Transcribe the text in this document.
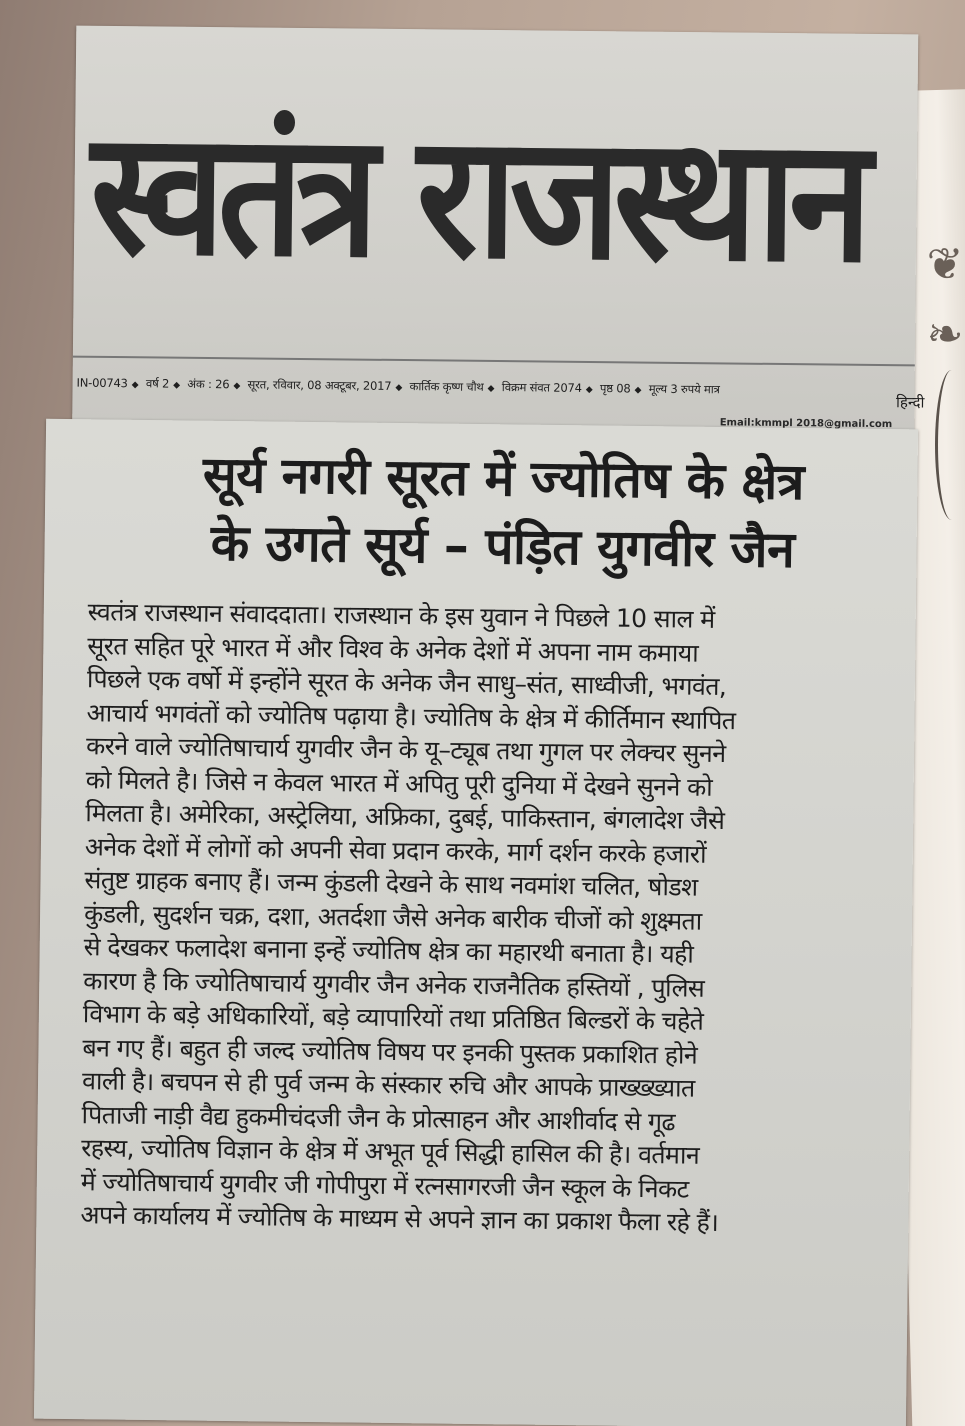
❦
❧
स्वतंत्र राजस्थान
IN-00743 ◆ वर्ष 2 ◆ अंक : 26 ◆ सूरत, रविवार, 08 अक्टूबर, 2017 ◆ कार्तिक कृष्ण चौथ ◆ विक्रम संवत 2074 ◆ पृष्ठ 08 ◆ मूल्य 3 रुपये मात्र
हिन्दी
Email:kmmpl 2018@gmail.com
सूर्य नगरी सूरत में ज्योतिष के क्षेत्र
के उगते सूर्य – पंड़ित युगवीर जैन
स्वतंत्र राजस्थान संवाददाता। राजस्थान के इस युवान ने पिछले 10 साल में
सूरत सहित पूरे भारत में और विश्व के अनेक देशों में अपना नाम कमाया
पिछले एक वर्षो में इन्होंने सूरत के अनेक जैन साधु–संत, साध्वीजी, भगवंत,
आचार्य भगवंतों को ज्योतिष पढ़ाया है। ज्योतिष के क्षेत्र में कीर्तिमान स्थापित
करने वाले ज्योतिषाचार्य युगवीर जैन के यू–ट्यूब तथा गुगल पर लेक्चर सुनने
को मिलते है। जिसे न केवल भारत में अपितु पूरी दुनिया में देखने सुनने को
मिलता है। अमेरिका, अस्ट्रेलिया, अफ्रिका, दुबई, पाकिस्तान, बंगलादेश जैसे
अनेक देशों में लोगों को अपनी सेवा प्रदान करके, मार्ग दर्शन करके हजारों
संतुष्ट ग्राहक बनाए हैं। जन्म कुंडली देखने के साथ नवमांश चलित, षोडश
कुंडली, सुदर्शन चक्र, दशा, अतर्दशा जैसे अनेक बारीक चीजों को शुक्ष्मता
से देखकर फलादेश बनाना इन्हें ज्योतिष क्षेत्र का महारथी बनाता है। यही
कारण है कि ज्योतिषाचार्य युगवीर जैन अनेक राजनैतिक हस्तियों , पुलिस
विभाग के बड़े अधिकारियों, बड़े व्यापारियों तथा प्रतिष्ठित बिल्डरों के चहेते
बन गए हैं। बहुत ही जल्द ज्योतिष विषय पर इनकी पुस्तक प्रकाशित होने
वाली है। बचपन से ही पुर्व जन्म के संस्कार रुचि और आपके प्राख्ख्ख्यात
पिताजी नाड़ी वैद्य हुकमीचंदजी जैन के प्रोत्साहन और आशीर्वाद से गूढ
रहस्य, ज्योतिष विज्ञान के क्षेत्र में अभूत पूर्व सिद्धी हासिल की है। वर्तमान
में ज्योतिषाचार्य युगवीर जी गोपीपुरा में रत्नसागरजी जैन स्कूल के निकट
अपने कार्यालय में ज्योतिष के माध्यम से अपने ज्ञान का प्रकाश फैला रहे हैं।
